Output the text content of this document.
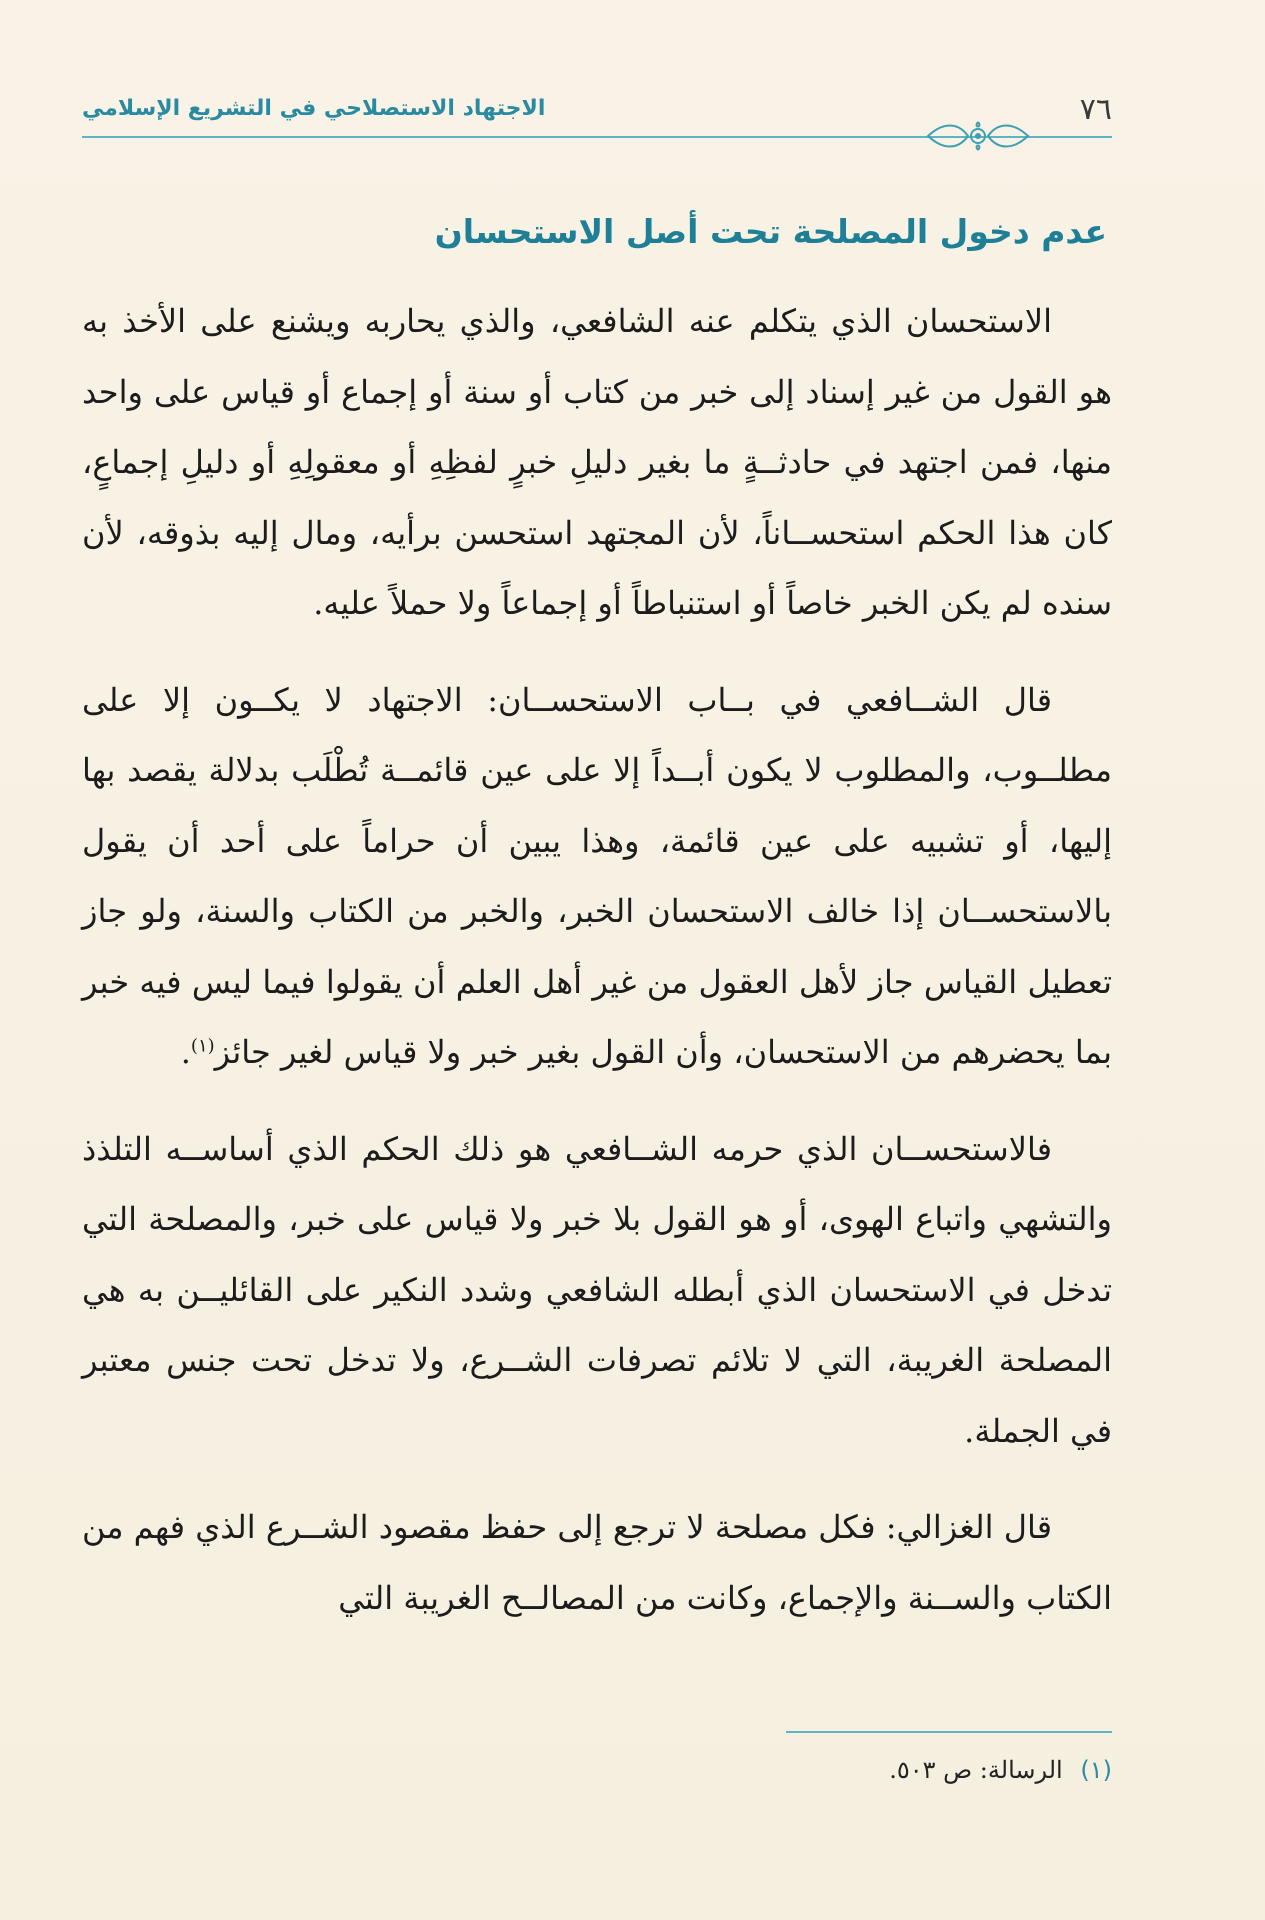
٧٦
الاجتهاد الاستصلاحي في التشريع الإسلامي
عدم دخول المصلحة تحت أصل الاستحسان

الاستحسان الذي يتكلم عنه الشافعي، والذي يحاربه ويشنع على الأخذ به هو القول من غير إسناد إلى خبر من كتاب أو سنة أو إجماع أو قياس على واحد منها، فمن اجتهد في حادثــةٍ ما بغير دليلِ خبرٍ لفظِهِ أو معقولِهِ أو دليلِ إجماعٍ، كان هذا الحكم استحســاناً، لأن المجتهد استحسن برأيه، ومال إليه بذوقه، لأن سنده لم يكن الخبر خاصاً أو استنباطاً أو إجماعاً ولا حملاً عليه.

قال الشــافعي في بــاب الاستحســان: الاجتهاد لا يكــون إلا على مطلــوب، والمطلوب لا يكون أبــداً إلا على عين قائمــة تُطْلَب بدلالة يقصد بها إليها، أو تشبيه على عين قائمة، وهذا يبين أن حراماً على أحد أن يقول بالاستحســان إذا خالف الاستحسان الخبر، والخبر من الكتاب والسنة، ولو جاز تعطيل القياس جاز لأهل العقول من غير أهل العلم أن يقولوا فيما ليس فيه خبر بما يحضرهم من الاستحسان، وأن القول بغير خبر ولا قياس لغير جائز$^{(١)}$.

فالاستحســان الذي حرمه الشــافعي هو ذلك الحكم الذي أساســه التلذذ والتشهي واتباع الهوى، أو هو القول بلا خبر ولا قياس على خبر، والمصلحة التي تدخل في الاستحسان الذي أبطله الشافعي وشدد النكير على القائليــن به هي المصلحة الغريبة، التي لا تلائم تصرفات الشــرع، ولا تدخل تحت جنس معتبر في الجملة.

قال الغزالي: فكل مصلحة لا ترجع إلى حفظ مقصود الشــرع الذي فهم من الكتاب والســنة والإجماع، وكانت من المصالــح الغريبة التي

(١) الرسالة: ص ٥٠٣.
